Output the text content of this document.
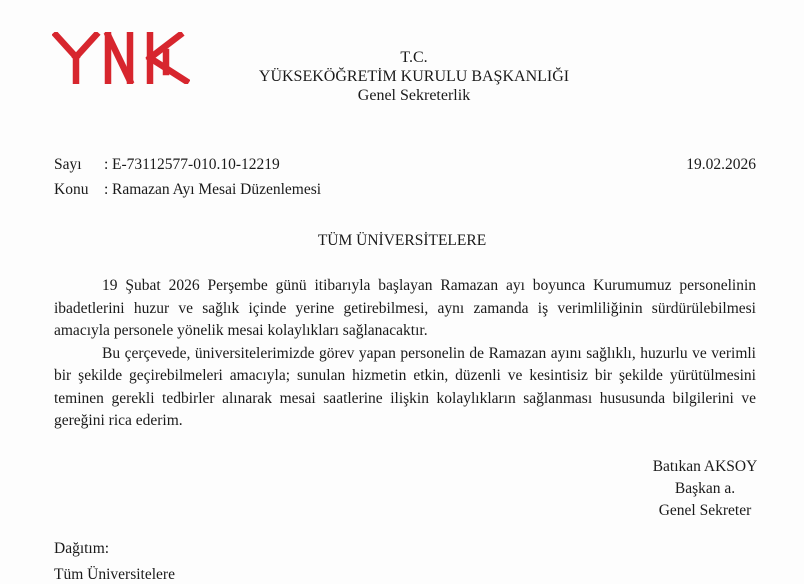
T.C.
YÜKSEKÖĞRETİM KURULU BAŞKANLIĞI
Genel Sekreterlik
Sayı : E-73112577-010.10-12219	19.02.2026
Konu : Ramazan Ayı Mesai Düzenlemesi
TÜM ÜNİVERSİTELERE

19 Şubat 2026 Perşembe günü itibarıyla başlayan Ramazan ayı boyunca Kurumumuz personelinin ibadetlerini huzur ve sağlık içinde yerine getirebilmesi, aynı zamanda iş verimliliğinin sürdürülebilmesi amacıyla personele yönelik mesai kolaylıkları sağlanacaktır.

Bu çerçevede, üniversitelerimizde görev yapan personelin de Ramazan ayını sağlıklı, huzurlu ve verimli bir şekilde geçirebilmeleri amacıyla; sunulan hizmetin etkin, düzenli ve kesintisiz bir şekilde yürütülmesini teminen gerekli tedbirler alınarak mesai saatlerine ilişkin kolaylıkların sağlanması hususunda bilgilerini ve gereğini rica ederim.

Batıkan AKSOY
Başkan a.
Genel Sekreter
Dağıtım:
Tüm Üniversitelere
